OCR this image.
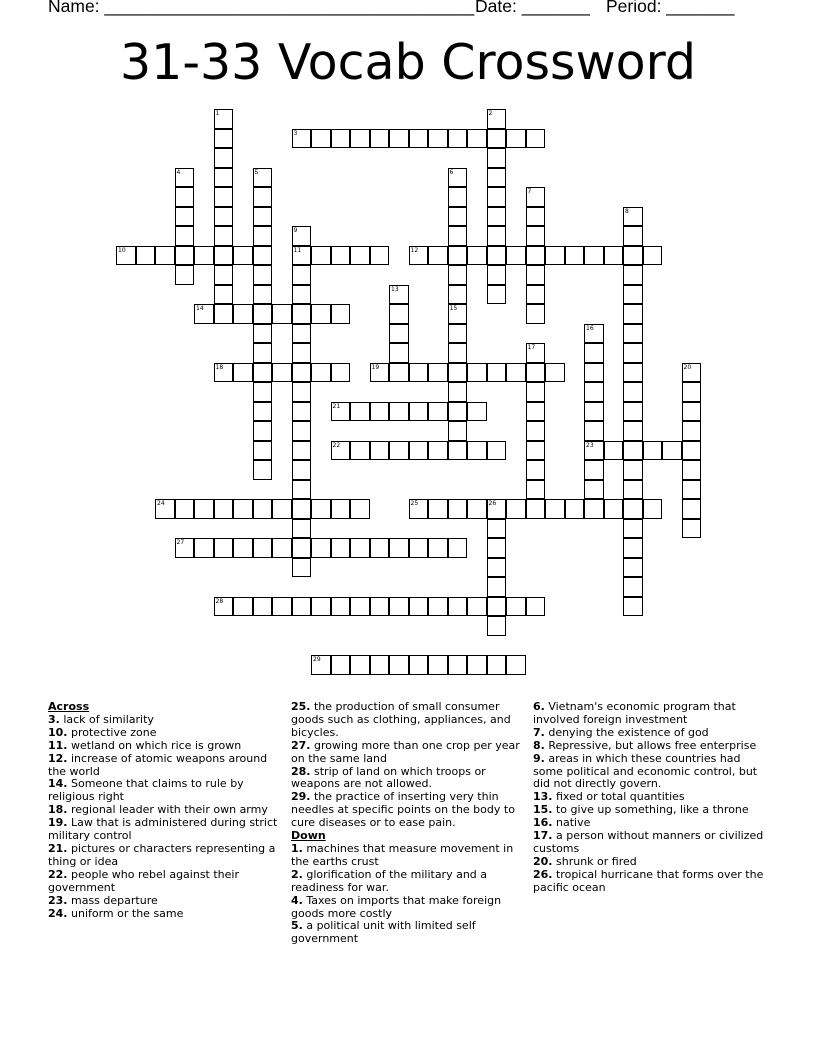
Name: ______________________________________ Date: _______ Period: _______
31-33 Vocab Crossword
1	2
3
4	5	6
15
7
8
9
11
10	12
13
14
16
23
17
18	19	20
21
22
24	25	26
27
28
29
Across
3. lack of similarity
10. protective zone
11. wetland on which rice is grown
12. increase of atomic weapons around the world
14. Someone that claims to rule by religious right
18. regional leader with their own army
19. Law that is administered during strict military control
21. pictures or characters representing a thing or idea
22. people who rebel against their government
23. mass departure
24. uniform or the same
25. the production of small consumer goods such as clothing, appliances, and bicycles.
27. growing more than one crop per year on the same land
28. strip of land on which troops or weapons are not allowed.
29. the practice of inserting very thin needles at specific points on the body to cure diseases or to ease pain.
Down
1. machines that measure movement in the earths crust
2. glorification of the military and a readiness for war.
4. Taxes on imports that make foreign goods more costly
5. a political unit with limited self government
6. Vietnam's economic program that involved foreign investment
7. denying the existence of god
8. Repressive, but allows free enterprise
9. areas in which these countries had some political and economic control, but did not directly govern.
13. fixed or total quantities
15. to give up something, like a throne
16. native
17. a person without manners or civilized customs
20. shrunk or fired
26. tropical hurricane that forms over the pacific ocean
